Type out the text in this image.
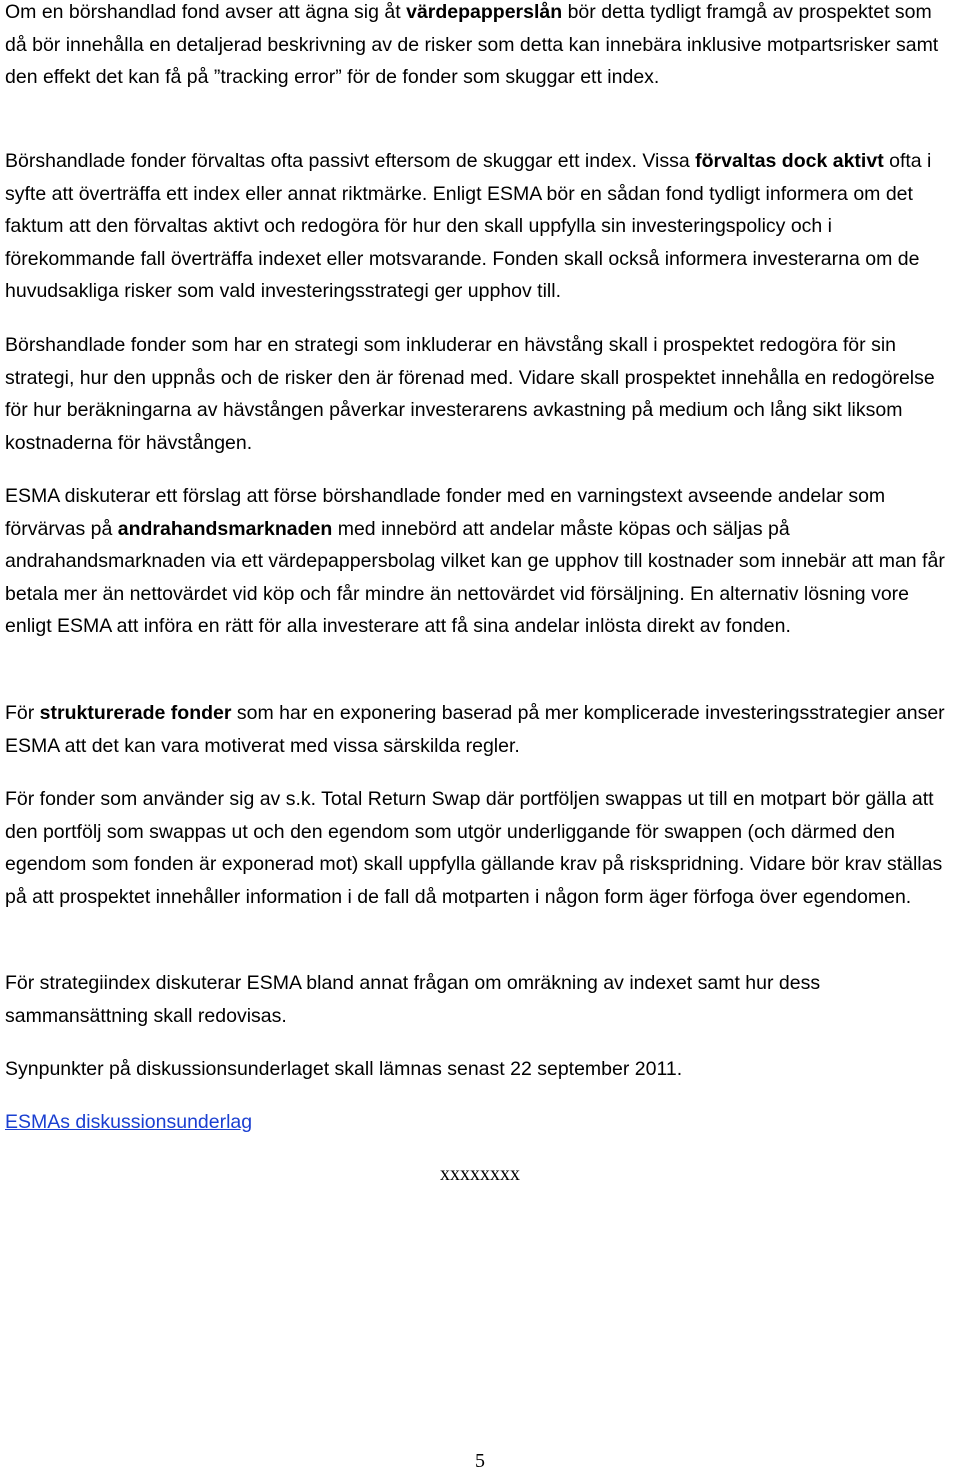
Om en börshandlad fond avser att ägna sig åt värdepapperslån bör detta tydligt framgå av prospektet som då bör innehålla en detaljerad beskrivning av de risker som detta kan innebära inklusive motpartsrisker samt den effekt det kan få på ”tracking error” för de fonder som skuggar ett index.

Börshandlade fonder förvaltas ofta passivt eftersom de skuggar ett index. Vissa förvaltas dock aktivt ofta i syfte att överträffa ett index eller annat riktmärke. Enligt ESMA bör en sådan fond tydligt informera om det faktum att den förvaltas aktivt och redogöra för hur den skall uppfylla sin investeringspolicy och i förekommande fall överträffa indexet eller motsvarande. Fonden skall också informera investerarna om de huvudsakliga risker som vald investeringsstrategi ger upphov till.

Börshandlade fonder som har en strategi som inkluderar en hävstång skall i prospektet redogöra för sin strategi, hur den uppnås och de risker den är förenad med. Vidare skall prospektet innehålla en redogörelse för hur beräkningarna av hävstången påverkar investerarens avkastning på medium och lång sikt liksom kostnaderna för hävstången.

ESMA diskuterar ett förslag att förse börshandlade fonder med en varningstext avseende andelar som förvärvas på andrahandsmarknaden med innebörd att andelar måste köpas och säljas på andrahandsmarknaden via ett värdepappersbolag vilket kan ge upphov till kostnader som innebär att man får betala mer än nettovärdet vid köp och får mindre än nettovärdet vid försäljning. En alternativ lösning vore enligt ESMA att införa en rätt för alla investerare att få sina andelar inlösta direkt av fonden.

För strukturerade fonder som har en exponering baserad på mer komplicerade investeringsstrategier anser ESMA att det kan vara motiverat med vissa särskilda regler.

För fonder som använder sig av s.k. Total Return Swap där portföljen swappas ut till en motpart bör gälla att den portfölj som swappas ut och den egendom som utgör underliggande för swappen (och därmed den egendom som fonden är exponerad mot) skall uppfylla gällande krav på riskspridning. Vidare bör krav ställas på att prospektet innehåller information i de fall då motparten i någon form äger förfoga över egendomen.

För strategiindex diskuterar ESMA bland annat frågan om omräkning av indexet samt hur dess sammansättning skall redovisas.

Synpunkter på diskussionsunderlaget skall lämnas senast 22 september 2011.

ESMAs diskussionsunderlag

xxxxxxxx
5
